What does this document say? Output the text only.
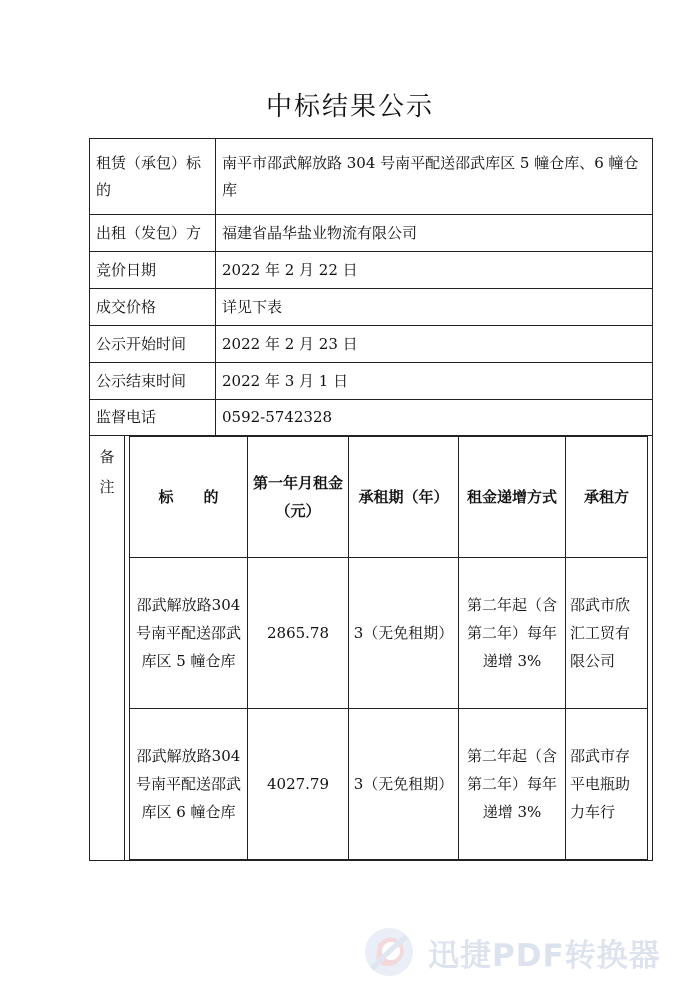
中标结果公示
租赁（承包）标的	南平市邵武解放路 304 号南平配送邵武库区 5 幢仓库、6 幢仓库
出租（发包）方	福建省晶华盐业物流有限公司
竞价日期	2022 年 2 月 22 日
成交价格	详见下表
公示开始时间	2022 年 2 月 23 日
公示结束时间	2022 年 3 月 1 日
监督电话	0592-5742328

备注
标　　的	第一年月租金（元）	承租期（年）	租金递增方式	承租方
邵武解放路304 号南平配送邵武库区 5 幢仓库	2865.78	3（无免租期）	第二年起（含第二年）每年递增 3%	邵武市欣汇工贸有限公司
邵武解放路304 号南平配送邵武库区 6 幢仓库	4027.79	3（无免租期）	第二年起（含第二年）每年递增 3%	邵武市存平电瓶助力车行
迅捷PDF转换器
